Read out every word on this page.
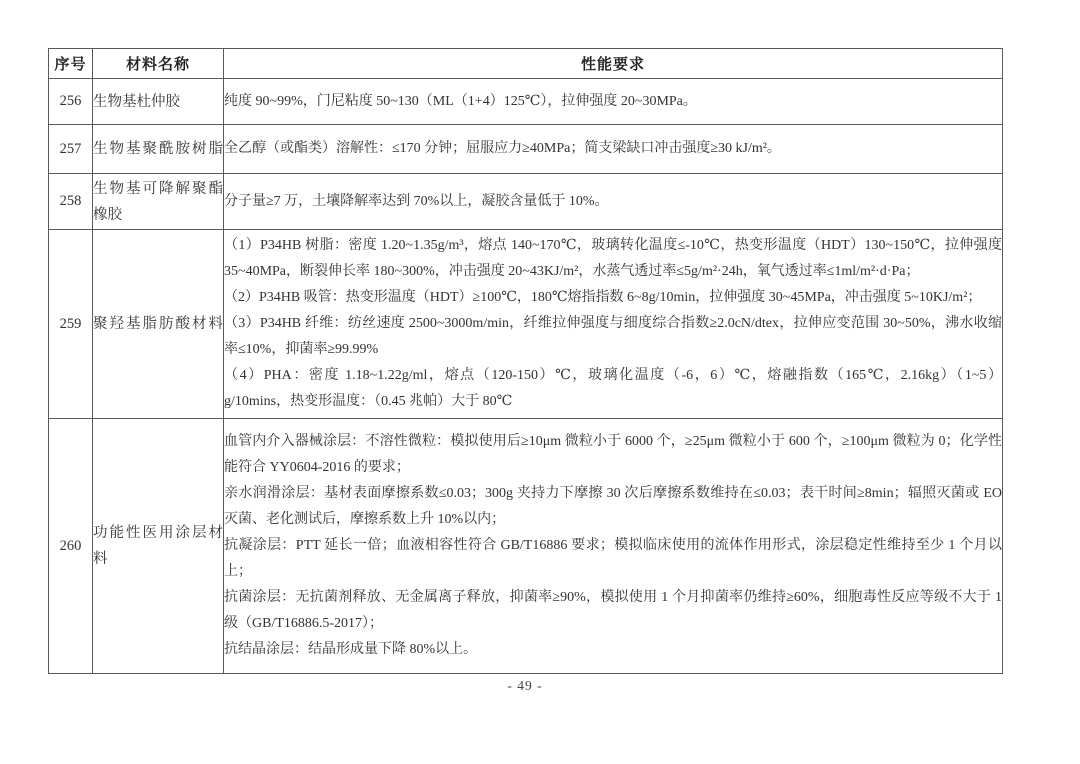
序号	材料名称	性能要求
256	生物基杜仲胶	纯度 90~99%，门尼粘度 50~130（ML（1+4）125℃），拉伸强度 20~30MPa。

257	生物基聚酰胺树脂	全乙醇（或酯类）溶解性：≤170 分钟；屈服应力≥40MPa；简支梁缺口冲击强度≥30 kJ/m²。

258	生物基可降解聚酯橡胶	分子量≥7 万，土壤降解率达到 70%以上，凝胶含量低于 10%。

259	聚羟基脂肪酸材料	（1）P34HB 树脂：密度 1.20~1.35g/m³，熔点 140~170℃，玻璃转化温度≤-10℃，热变形温度（HDT）130~150℃，拉伸强度 35~40MPa，断裂伸长率 180~300%，冲击强度 20~43KJ/m²，水蒸气透过率≤5g/m²·24h，氧气透过率≤1ml/m²·d·Pa；
（2）P34HB 吸管：热变形温度（HDT）≥100℃，180℃熔指指数 6~8g/10min，拉伸强度 30~45MPa，冲击强度 5~10KJ/m²；
（3）P34HB 纤维：纺丝速度 2500~3000m/min，纤维拉伸强度与细度综合指数≥2.0cN/dtex，拉伸应变范围 30~50%，沸水收缩率≤10%，抑菌率≥99.99%
（4）PHA：密度 1.18~1.22g/ml，熔点（120-150）℃，玻璃化温度（-6，6）℃，熔融指数（165℃，2.16kg）（1~5）g/10mins，热变形温度：（0.45 兆帕）大于 80℃

260	功能性医用涂层材料	血管内介入器械涂层：不溶性微粒：模拟使用后≥10μm 微粒小于 6000 个，≥25μm 微粒小于 600 个，≥100μm 微粒为 0；化学性能符合 YY0604-2016 的要求；
亲水润滑涂层：基材表面摩擦系数≤0.03；300g 夹持力下摩擦 30 次后摩擦系数维持在≤0.03；表干时间≥8min；辐照灭菌或 EO 灭菌、老化测试后，摩擦系数上升 10%以内；
抗凝涂层：PTT 延长一倍；血液相容性符合 GB/T16886 要求；模拟临床使用的流体作用形式，涂层稳定性维持至少 1 个月以上；
抗菌涂层：无抗菌剂释放、无金属离子释放，抑菌率≥90%，模拟使用 1 个月抑菌率仍维持≥60%，细胞毒性反应等级不大于 1 级（GB/T16886.5-2017）；
抗结晶涂层：结晶形成量下降 80%以上。
- 49 -
